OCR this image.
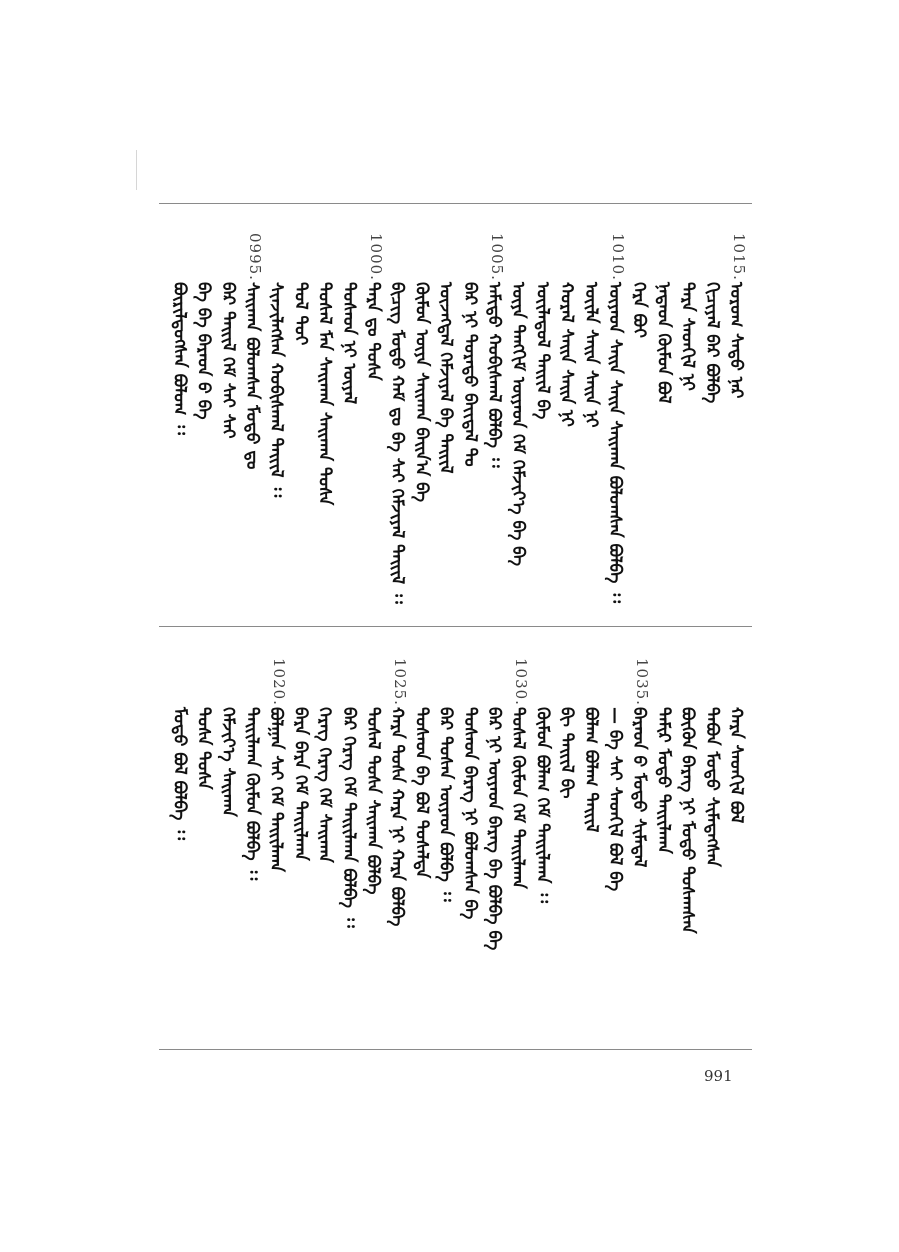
1015.
ᠤᠷᠤᠭ ᠰᠠᠳᠤ ᠨᠠᠷ
ᠬᠢᠴᠢᠶᠡᠯ ᠪᠠᠷ ᠪᠤᠯᠪᠠ
ᠲᠡᠷᠡ ᠰᠡᠳᠬᠢᠯ ᠨᠢ
ᠨᠠᠳᠠᠳ ᠬᠦᠮᠦᠨ ᠪᠣᠯ
ᠬᠡᠷᠡ ᠪᠤᠢ
1010.
ᠦᠶᠡᠳ ᠰᠠᠢᠨ ᠰᠠᠢᠨ ᠰᠠᠢᠬᠠᠨ ᠪᠣᠯᠤᠭᠰᠠᠨ ᠪᠣᠯᠪᠠ ᠄᠄
ᠦᠢᠯᠡ ᠰᠠᠢᠨ ᠰᠠᠢᠨ ᠨᠢ
ᠬᠤᠷᠠᠯ ᠰᠠᠢᠨ ᠰᠠᠢᠨ ᠨᠢ
ᠦᠢᠯᠡᠳᠦᠯ ᠲᠠᠢᠢᠯ ᠪᠠ
ᠦᠶᠡ ᠲᠡᠩᠬᠢᠮ ᠦᠶᠡᠳ ᠬᠡᠮ ᠬᠡᠮᠵᠢᠶ᠎ᠡ ᠪᠠ ᠪᠡ
1005.
ᠠᠮᠢᠳᠤ ᠬᠤᠪᠢᠰᠬᠠᠯ ᠪᠣᠯᠪᠠ ᠄᠄
ᠪᠠᠷ ᠨᠢ ᠳᠤᠷᠠᠳᠤ ᠪᠠᠶ᠋ᠢᠳᠠᠯ ᠲᠤ
ᠦᠵᠡᠭᠳᠡᠯ ᠬᠡᠮᠵᠢᠶᠡᠯ ᠪᠠ ᠲᠠᠢᠢᠯ
ᠬᠦᠮᠦᠨ ᠦᠶᠡ ᠰᠠᠢᠬᠠᠨ ᠪᠠᠢᠨ᠎ᠠ ᠪᠡ
ᠪᠢᠴᠢᠭ ᠮᠣᠳᠣ ᠬᠠᠮ ᠳᠤ ᠪᠠ ᠰᠠᠢ ᠬᠡᠮᠵᠢᠶᠡᠯ ᠲᠠᠢᠢᠯ ᠄᠄
1000.
ᠲᠡᠷᠡ ᠳᠤ ᠲᠤᠰᠠ
ᠲᠤᠰᠠᠳ ᠨᠢ ᠦᠶᠡᠯ
ᠲᠤᠰᠠᠯ ᠮᠠᠨ ᠰᠠᠢᠬᠠᠨ ᠰᠠᠢᠬᠠᠨ ᠲᠤᠰᠠ
ᠲᠤᠯ ᠲᠤᠶ
ᠰᠢᠨᠵᠢᠯᠡᠭᠰᠡᠨ ᠬᠤᠪᠢᠰᠬᠠᠯ ᠲᠠᠢᠢᠯ ᠄᠄
0995.
ᠰᠠᠢᠬᠠᠨ ᠪᠣᠯᠤᠭᠰᠠᠨ ᠮᠣᠳᠣ ᠳᠤ
ᠪᠠᠷ ᠲᠠᠢᠢᠯ ᠬᠡᠮ ᠰᠠᠢ ᠰᠠᠢ
ᠪᠡ ᠪᠡ ᠪᠡᠷᠡᠳ ᠪ ᠪᠡ
ᠪᠦᠷᠢᠯᠳᠦᠭᠰᠡᠨ ᠪᠣᠯᠤᠭ ᠄᠄
ᠬᠠᠷᠠ ᠰᠡᠳᠬᠢᠯ ᠪᠣᠯ
ᠲᠠᠪᠤᠨ ᠮᠣᠳᠣ ᠰᠢᠮᠡᠳᠡᠭᠰᠡᠨ
ᠪᠦᠬᠦᠨ ᠪᠡᠷᠡᠭ ᠨᠢ ᠮᠣᠳᠣ ᠲᠤᠰᠠᠭᠰᠠᠨ
ᠲᠠᠮᠢᠷ ᠮᠣᠳᠣ ᠲᠠᠢᠢᠯᠬᠠᠨ
1035.
ᠪᠡᠷᠡᠳ ᠪ ᠮᠣᠳᠣ ᠰᠢᠮᠡᠳᠡᠯ
— ᠪᠡ ᠰᠠᠢ ᠰᠡᠳᠬᠢᠯ ᠪᠣᠯ ᠪᠡ
ᠪᠤᠯᠠᠭ ᠪᠤᠯᠠᠭ ᠲᠠᠢᠢᠯ
ᠪᠢ ᠲᠠᠢᠢᠯ ᠪᠢ
ᠬᠦᠮᠦᠨ ᠪᠤᠯᠠᠭ ᠬᠡᠮ ᠲᠠᠢᠢᠯᠬᠠᠨ ᠄᠄
1030.
ᠲᠤᠰᠠᠯ ᠬᠦᠮᠦᠨ ᠬᠡᠮ ᠲᠠᠢᠢᠯᠬᠠᠨ
ᠪᠠᠷ ᠨᠢ ᠦᠶᠡᠳ ᠪᠡᠷᠡᠭ ᠪᠡ ᠪᠣᠯᠪᠠ ᠪᠠ
ᠲᠤᠰᠠᠳ ᠪᠡᠷᠡᠭ ᠨᠢ ᠪᠣᠯᠤᠭᠰᠠᠨ ᠪᠡ
ᠪᠠᠷ ᠲᠤᠰᠠᠨ ᠦᠶᠡᠳ ᠪᠣᠯᠪᠠ ᠄᠄
ᠲᠤᠰᠠᠳ ᠪᠡ ᠪᠣᠯ ᠲᠤᠰᠠᠯᠲᠠ
1025.
ᠬᠠᠷᠠ ᠲᠤᠰᠠ ᠬᠠᠷᠠ ᠨᠢ ᠬᠠᠷᠠ ᠪᠣᠯᠪᠠ
ᠲᠤᠰᠠᠯ ᠲᠤᠰᠠ ᠰᠠᠢᠬᠠᠨ ᠪᠣᠯᠪᠠ
ᠪᠠᠷ ᠬᠡᠷᠡᠭ ᠬᠡᠮ ᠲᠠᠢᠢᠯᠬᠠᠨ ᠪᠣᠯᠪᠠ ᠄᠄
ᠬᠡᠷᠡᠭ ᠬᠡᠷᠡᠭ ᠬᠡᠮ ᠰᠠᠢᠬᠠᠨ
ᠪᠡᠷᠡ ᠪᠡᠷᠡ ᠬᠡᠮ ᠲᠠᠢᠢᠯᠬᠠᠨ
1020.
ᠪᠣᠯᠭᠠᠨ ᠰᠠᠢ ᠬᠡᠮ ᠲᠠᠢᠢᠯᠬᠠᠨ
ᠲᠠᠢᠢᠯᠬᠠᠨ ᠬᠦᠮᠦᠨ ᠪᠣᠯᠪᠠ ᠄᠄
ᠬᠡᠮᠵᠢᠶ᠎ᠡ ᠰᠠᠢᠬᠠᠨ
ᠲᠤᠰᠠ ᠲᠤᠰᠠ
ᠮᠣᠳᠣ ᠪᠣᠯ ᠪᠣᠯᠪᠠ ᠄᠄
991
